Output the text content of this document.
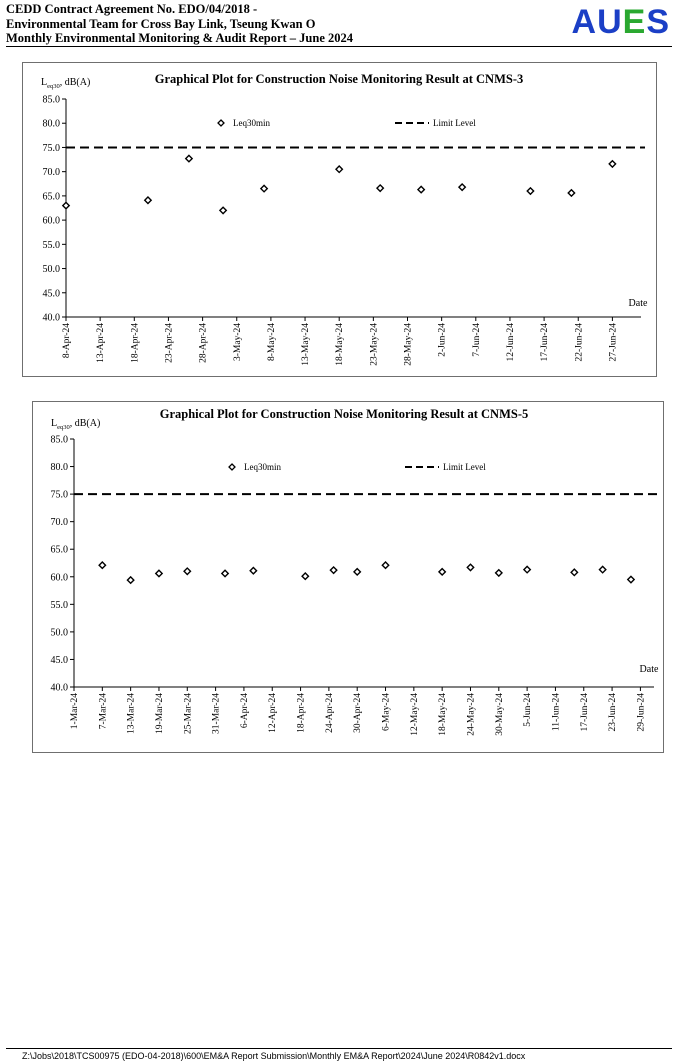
CEDD Contract Agreement No. EDO/04/2018 -
Environmental Team for Cross Bay Link, Tseung Kwan O
Monthly Environmental Monitoring & Audit Report – June 2024	AUES
Graphical Plot for Construction Noise Monitoring Result at CNMS-3
$L_{eq30}$, dB(A)
40.0
45.0
50.0
55.0
60.0
65.0
70.0
75.0
80.0
85.0
8-Apr-24	13-Apr-24	18-Apr-24	23-Apr-24	28-Apr-24	3-May-24	8-May-24	13-May-24	18-May-24	23-May-24	28-May-24	2-Jun-24	7-Jun-24	12-Jun-24	17-Jun-24	22-Jun-24	27-Jun-24
Leq30min	Limit Level
Date
Graphical Plot for Construction Noise Monitoring Result at CNMS-5
$L_{eq30}$, dB(A)
40.0
45.0
50.0
55.0
60.0
65.0
70.0
75.0
80.0
85.0
1-Mar-24 7-Mar-24 13-Mar-24 19-Mar-24 25-Mar-24 31-Mar-24 6-Apr-24 12-Apr-24 18-Apr-24 24-Apr-24 30-Apr-24 6-May-24 12-May-24 18-May-24 24-May-24 30-May-24 5-Jun-24 11-Jun-24 17-Jun-24 23-Jun-24 29-Jun-24
Leq30min	Limit Level
Date
Z:\Jobs\2018\TCS00975 (EDO-04-2018)\600\EM&A Report Submission\Monthly EM&A Report\2024\June 2024\R0842v1.docx
